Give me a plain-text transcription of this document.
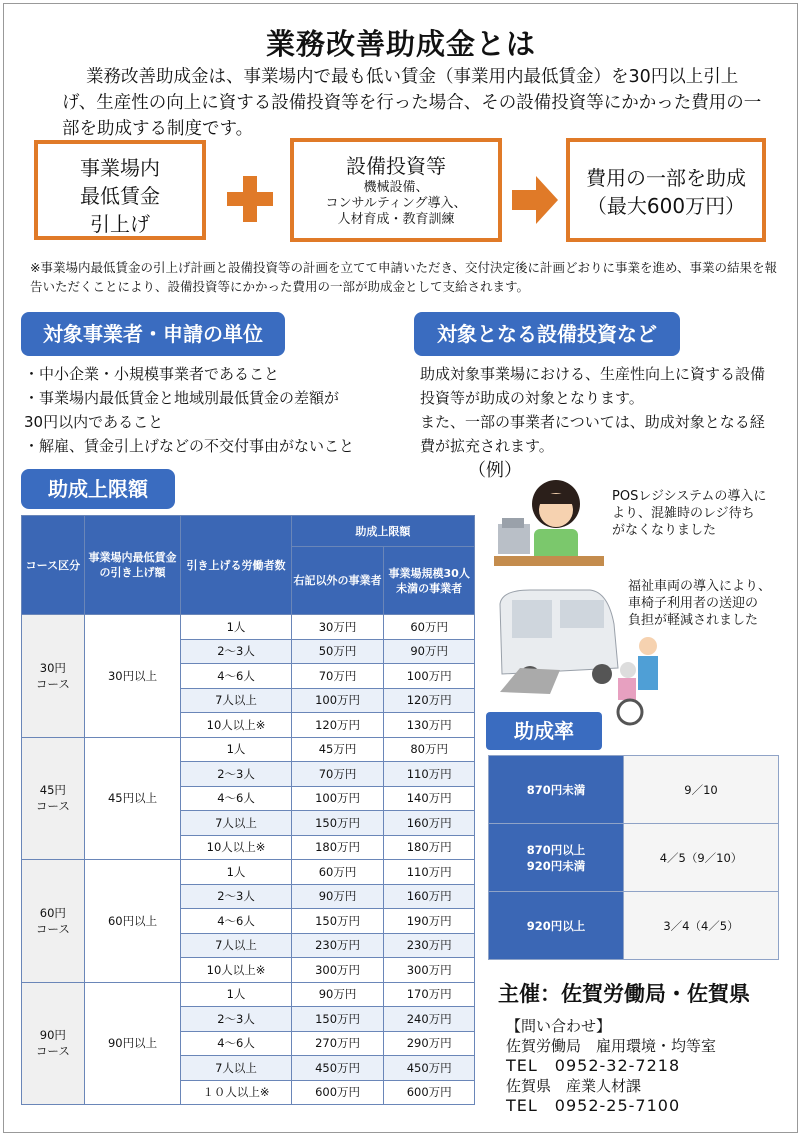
業務改善助成金とは
業務改善助成金は、事業場内で最も低い賃金（事業用内最低賃金）を30円以上引上げ、生産性の向上に資する設備投資等を行った場合、その設備投資等にかかった費用の一部を助成する制度です。
事業場内
最低賃金
引上げ
設備投資等
機械設備、
コンサルティング導入、
人材育成・教育訓練
費用の一部を助成
（最大600万円）
※事業場内最低賃金の引上げ計画と設備投資等の計画を立てて申請いただき、交付決定後に計画どおりに事業を進め、事業の結果を報告いただくことにより、設備投資等にかかった費用の一部が助成金として支給されます。
対象事業者・申請の単位	対象となる設備投資など
・中小企業・小規模事業者であること
・事業場内最低賃金と地域別最低賃金の差額が
30円以内であること
・解雇、賃金引上げなどの不交付事由がないこと
助成対象事業場における、生産性向上に資する設備
投資等が助成の対象となります。
また、一部の事業者については、助成対象となる経
費が拡充されます。
（例）
POSレジシステムの導入に
より、混雑時のレジ待ち
がなくなりました
福祉車両の導入により、
車椅子利用者の送迎の
負担が軽減されました
助成上限額
助成率
コース区分	事業場内最低賃金の引き上げ額	引き上げる労働者数	助成上限額	
			右記以外の事業者	事業場規模30人未満の事業者
30円
コース	30円以上	1人	30万円	60万円
		2～3人	50万円	90万円
		4～6人	70万円	100万円
		7人以上	100万円	120万円
		10人以上※	120万円	130万円
45円
コース	45円以上	1人	45万円	80万円
		2～3人	70万円	110万円
		4～6人	100万円	140万円
		7人以上	150万円	160万円
		10人以上※	180万円	180万円
60円
コース	60円以上	1人	60万円	110万円
		2～3人	90万円	160万円
		4～6人	150万円	190万円
		7人以上	230万円	230万円
		10人以上※	300万円	300万円
90円
コース	90円以上	1人	90万円	170万円
		2～3人	150万円	240万円
		4～6人	270万円	290万円
		7人以上	450万円	450万円
		１０人以上※	600万円	600万円
870円未満	9／10
870円以上
920円未満	4／5（9／10）
920円以上	3／4（4／5）
主催：佐賀労働局・佐賀県
【問い合わせ】
佐賀労働局　雇用環境・均等室
TEL　0952-32-7218
佐賀県　産業人材課
TEL　0952-25-7100
